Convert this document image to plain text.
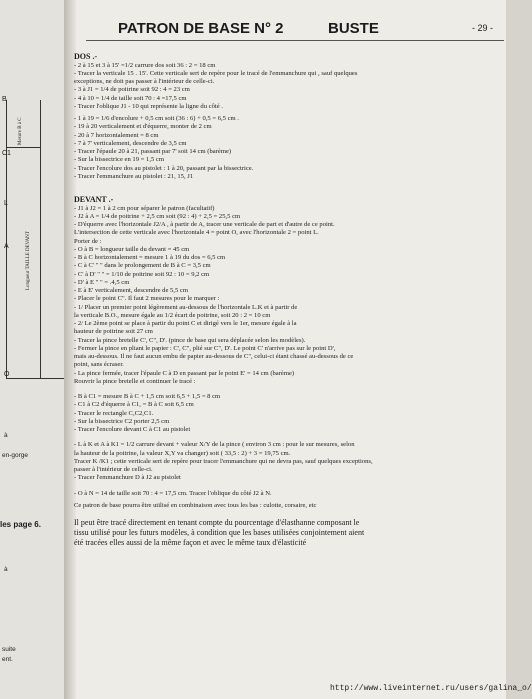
B
C1
L
A
O
Mesure B à C
Longueur TAILLE DEVANT
à
en-gorge
les page 6.
à
suite
ent.
PATRON DE BASE N° 2	BUSTE	- 29 -
DOS .-
- 2 à 15 et 3 à 15' =1/2 carrure dos soit 36 : 2 = 18 cm
- Tracer la verticale 15 . 15'. Cette verticale sert de repère pour le tracé de l'emmanchure qui , sauf quelques
exceptions, ne doit pas passer à l'intérieur de celle-ci.
- 3 à J1 = 1/4 de poitrine soit 92 : 4 = 23 cm
- 4 à 10 = 1/4 de taille soit 70 : 4 =17,5 cm
- Tracer l'oblique J1 - 10 qui représente la ligne du côté .
- 1 à 19 = 1/6 d'encolure + 0,5 cm soit (36 : 6) + 0,5 = 6,5 cm .
- 19 à 20 verticalement et d'équerre, monter de 2 cm
- 20 à 7 horizontalement = 8 cm
- 7 à 7' verticalement, descendre de 3,5 cm
- Tracer l'épaule 20 à 21, passant par 7' soit 14 cm (barème)
- Sur la bissectrice en 19 = 1,5 cm
- Tracer l'encolure dos au pistolet : 1 à 20, passant par la bissectrice.
- Tracer l'emmanchure au pistolet : 21, 15, J1
DEVANT .-
- J1 à J2 = 1 à 2 cm pour séparer le patron (facultatif)
- J2 à A = 1/4 de poitrine + 2,5 cm soit (92 : 4) + 2,5 = 25,5 cm
- D'équerre avec l'horizontale J2/A , à partir de A, tracer une verticale de part et d'autre de ce point.
L'intersection de cette verticale avec l'horizontale 4 = point O, avec l'horizontale 2 = point L.
Porter de :
- O à B = longueur taille du devant = 45 cm
- B à C horizontalement = mesure 1 à 19 du dos = 6,5 cm
- C à C' " " dans le prolongement de B à C = 3,5 cm
- C' à D' " " = 1/10 de poitrine soit 92 : 10 = 9,2 cm
- D' à E " " = .4,5 cm
- E à E' verticalement, descendre de 5,5 cm
- Placer le point C". Il faut 2 mesures pour le marquer :
- 1/ Placer un premier point légèrement au-dessous de l'horizontale L.K et à partir de
la verticale B.O., mesure égale au 1/2 écart de poitrine, soit 20 : 2 = 10 cm
- 2/ Le 2ème point se place à partir du point C et dirigé vers le 1er, mesure égale à la
hauteur de poitrine soit 27 cm
- Tracer la pince bretelle C', C", D'. (pince de base qui sera déplacée selon les modèles).
- Fermer la pince en pliant le papier : C', C", plié sur C", D'. Le point C' n'arrive pas sur le point D',
mais au-dessous. Il ne faut aucun embu de papier au-dessous de C", celui-ci étant chassé au-dessous de ce
point, sans écraser.
- La pince fermée, tracer l'épaule C à D en passant par le point E' = 14 cm (barème)
Rouvrir la pince bretelle et continuer le tracé :
- B à C1 = mesure B à C + 1,5 cm soit 6,5 + 1,5 = 8 cm
- C1 à C2 d'équerre à C1, = B à C soit 6,5 cm
- Tracer le rectangle C,C2,C1.
- Sur la bissectrice C2 porter 2,5 cm
- Tracer l'encolure devant C à C1 au pistolet
- L à K et A à K1 = 1/2 carrure devant + valeur X/Y de la pince ( environ 3 cm : pour le sur mesures, selon
la hauteur de la poitrine, la valeur X,Y va changer) soit ( 33,5 : 2) + 3 = 19,75 cm.
Tracer K /K1 ; cette verticale sert de repère pour tracer l'emmanchure qui ne devra pas, sauf quelques exceptions,
passer à l'intérieur de celle-ci.
- Tracer l'emmanchure D à J2 au pistolet
- O à N = 14 de taille soit 70 : 4 = 17,5 cm. Tracer l'oblique du côté J2 à N.
Ce patron de base pourra être utilisé en combinaison avec tous les bas : culotte, corsaire, etc
Il peut être tracé directement en tenant compte du pourcentage d'élasthanne composant le
tissu utilisé pour les futurs modèles, à condition que les bases utilisées conjointement aient
été tracées elles aussi de la même façon et avec le même taux d'élasticité
http://www.liveinternet.ru/users/galina_o/
